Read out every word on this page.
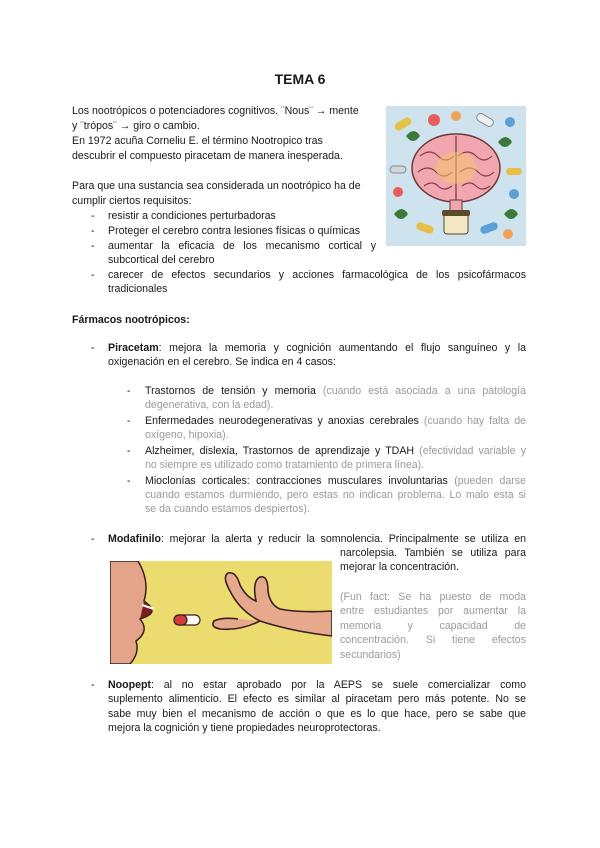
TEMA 6
Los nootrópicos o potenciadores cognitivos. ¨Nous¨ → mente
y ¨trópos¨ → giro o cambio.
En 1972 acuña Corneliu E. el término Nootropico tras
descubrir el compuesto piracetam de manera inesperada.
Para que una sustancia sea considerada un nootrópico ha de
cumplir ciertos requisitos:
- resistir a condiciones perturbadoras
- Proteger el cerebro contra lesiones físicas o químicas
- aumentar la eficacia de los mecanismo cortical y
subcortical del cerebro
- carecer de efectos secundarios y acciones farmacológica de los psicofármacos
tradicionales
Fármacos nootrópicos:
- Piracetam: mejora la memoria y cognición aumentando el flujo sanguíneo y la
oxigenación en el cerebro. Se indica en 4 casos:
- Trastornos de tensión y memoria (cuando está asociada a una patología
degenerativa, con la edad).
- Enfermedades neurodegenerativas y anoxias cerebrales (cuando hay falta de
oxígeno, hipoxia).
- Alzheimer, dislexia, Trastornos de aprendizaje y TDAH (efectividad variable y
no siempre es utilizado como tratamiento de primera línea).
- Mioclonías corticales: contracciones musculares involuntarias (pueden darse
cuando estamos durmiendo, pero estas no indican problema. Lo malo esta si
se da cuando estamos despiertos).
- Modafinilo: mejorar la alerta y reducir la somnolencia. Principalmente se utiliza en
narcolepsia. También se utiliza para
mejorar la concentración.
(Fun fact: Se ha puesto de moda
entre estudiantes por aumentar la
memoria y capacidad de
concentración. Si tiene efectos
secundarios)
- Noopept: al no estar aprobado por la AEPS se suele comercializar como
suplemento alimenticio. El efecto es similar al piracetam pero más potente. No se
sabe muy bien el mecanismo de acción o que es lo que hace, pero se sabe que
mejora la cognición y tiene propiedades neuroprotectoras.
